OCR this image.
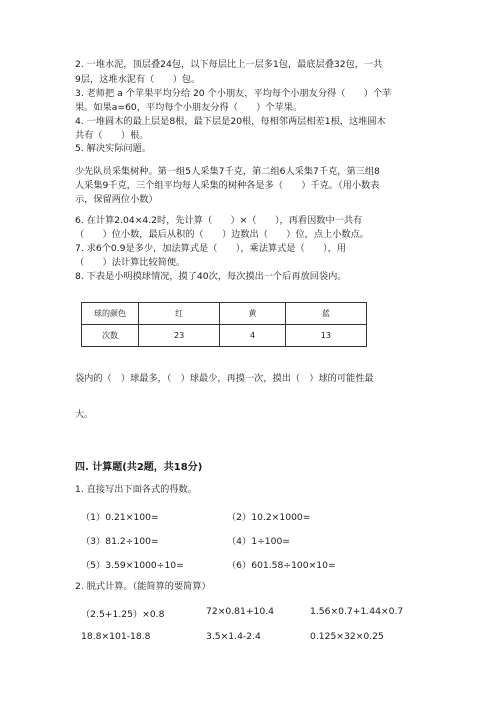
2. 一堆水泥，顶层叠24包，以下每层比上一层多1包，最底层叠32包，一共
9层，这堆水泥有（　　）包。
3. 老师把 a 个苹果平均分给 20 个小朋友，平均每个小朋友分得（　　）个苹
果。如果a=60，平均每个小朋友分得（　　）个苹果。
4. 一堆圆木的最上层是8根，最下层是20根，每相邻两层相差1根，这堆圆木
共有（　　）根。
5. 解决实际问题。
少先队员采集树种。第一组5人采集7千克，第二组6人采集7千克，第三组8
人采集9千克，三个组平均每人采集的树种各是多（　　）千克。（用小数表
示，保留两位小数）
6. 在计算2.04×4.2时，先计算（　　）×（　　），再看因数中一共有
（　　）位小数，最后从积的（　　）边数出（　　）位，点上小数点。
7. 求6个0.9是多少，加法算式是（　　），乘法算式是（　　），用
（　　）法计算比较简便。
8. 下表是小明摸球情况，摸了40次，每次摸出一个后再放回袋内。
球的颜色	红	黄	蓝
次数	23	4	13
袋内的（　）球最多，（　）球最少，再摸一次，摸出（　）球的可能性最
大。
四. 计算题(共2题，共18分)
1. 直接写出下面各式的得数。
（1）0.21×100=	（2）10.2×1000=
（3）81.2÷100=	（4）1÷100=
（5）3.59×1000÷10=	（6）601.58÷100×10=
2. 脱式计算。（能简算的要简算）
（2.5+1.25）×0.8	72×0.81+10.4	1.56×0.7+1.44×0.7
18.8×101-18.8	3.5×1.4-2.4	0.125×32×0.25
